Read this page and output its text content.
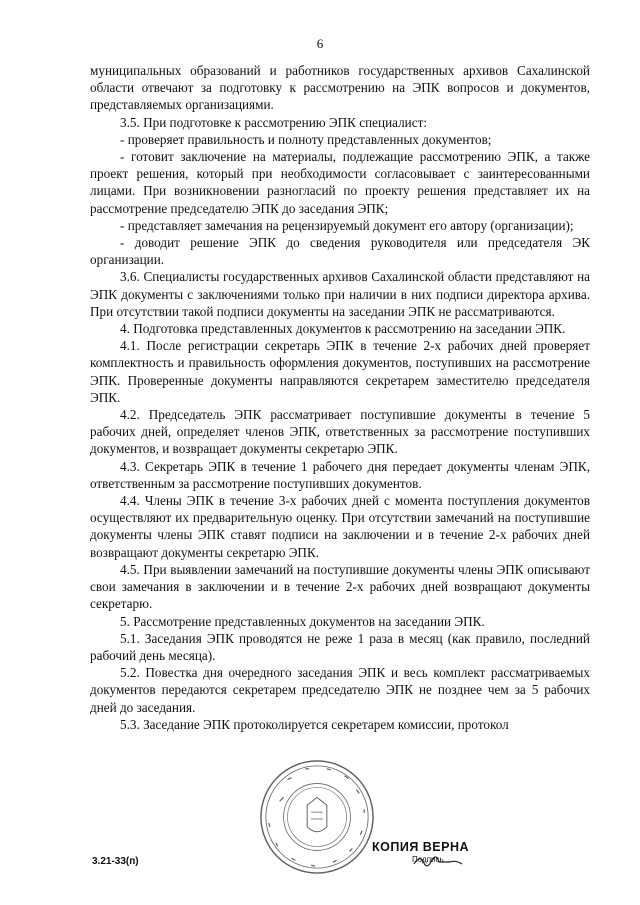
6

муниципальных образований и работников государственных архивов Сахалинской области отвечают за подготовку к рассмотрению на ЭПК вопросов и документов, представляемых организациями.

3.5. При подготовке к рассмотрению ЭПК специалист:

- проверяет правильность и полноту представленных документов;

- готовит заключение на материалы, подлежащие рассмотрению ЭПК, а также проект решения, который при необходимости согласовывает с заинтересованными лицами. При возникновении разногласий по проекту решения представляет их на рассмотрение председателю ЭПК до заседания ЭПК;

- представляет замечания на рецензируемый документ его автору (организации);

- доводит решение ЭПК до сведения руководителя или председателя ЭК организации.

3.6. Специалисты государственных архивов Сахалинской области представляют на ЭПК документы с заключениями только при наличии в них подписи директора архива. При отсутствии такой подписи документы на заседании ЭПК не рассматриваются.

4. Подготовка представленных документов к рассмотрению на заседании ЭПК.

4.1. После регистрации секретарь ЭПК в течение 2-х рабочих дней проверяет комплектность и правильность оформления документов, поступивших на рассмотрение ЭПК. Проверенные документы направляются секретарем заместителю председателя ЭПК.

4.2. Председатель ЭПК рассматривает поступившие документы в течение 5 рабочих дней, определяет членов ЭПК, ответственных за рассмотрение поступивших документов, и возвращает документы секретарю ЭПК.

4.3. Секретарь ЭПК в течение 1 рабочего дня передает документы членам ЭПК, ответственным за рассмотрение поступивших документов.

4.4. Члены ЭПК в течение 3-х рабочих дней с момента поступления документов осуществляют их предварительную оценку. При отсутствии замечаний на поступившие документы члены ЭПК ставят подписи на заключении и в течение 2-х рабочих дней возвращают документы секретарю ЭПК.

4.5. При выявлении замечаний на поступившие документы члены ЭПК описывают свои замечания в заключении и в течение 2-х рабочих дней возвращают документы секретарю.

5. Рассмотрение представленных документов на заседании ЭПК.

5.1. Заседания ЭПК проводятся не реже 1 раза в месяц (как правило, последний рабочий день месяца).

5.2. Повестка дня очередного заседания ЭПК и весь комплект рассматриваемых документов передаются секретарем председателю ЭПК не позднее чем за 5 рабочих дней до заседания.

5.3. Заседание ЭПК протоколируется секретарем комиссии, протокол

КОПИЯ ВЕРНА
Подпись
3.21-33(п)
